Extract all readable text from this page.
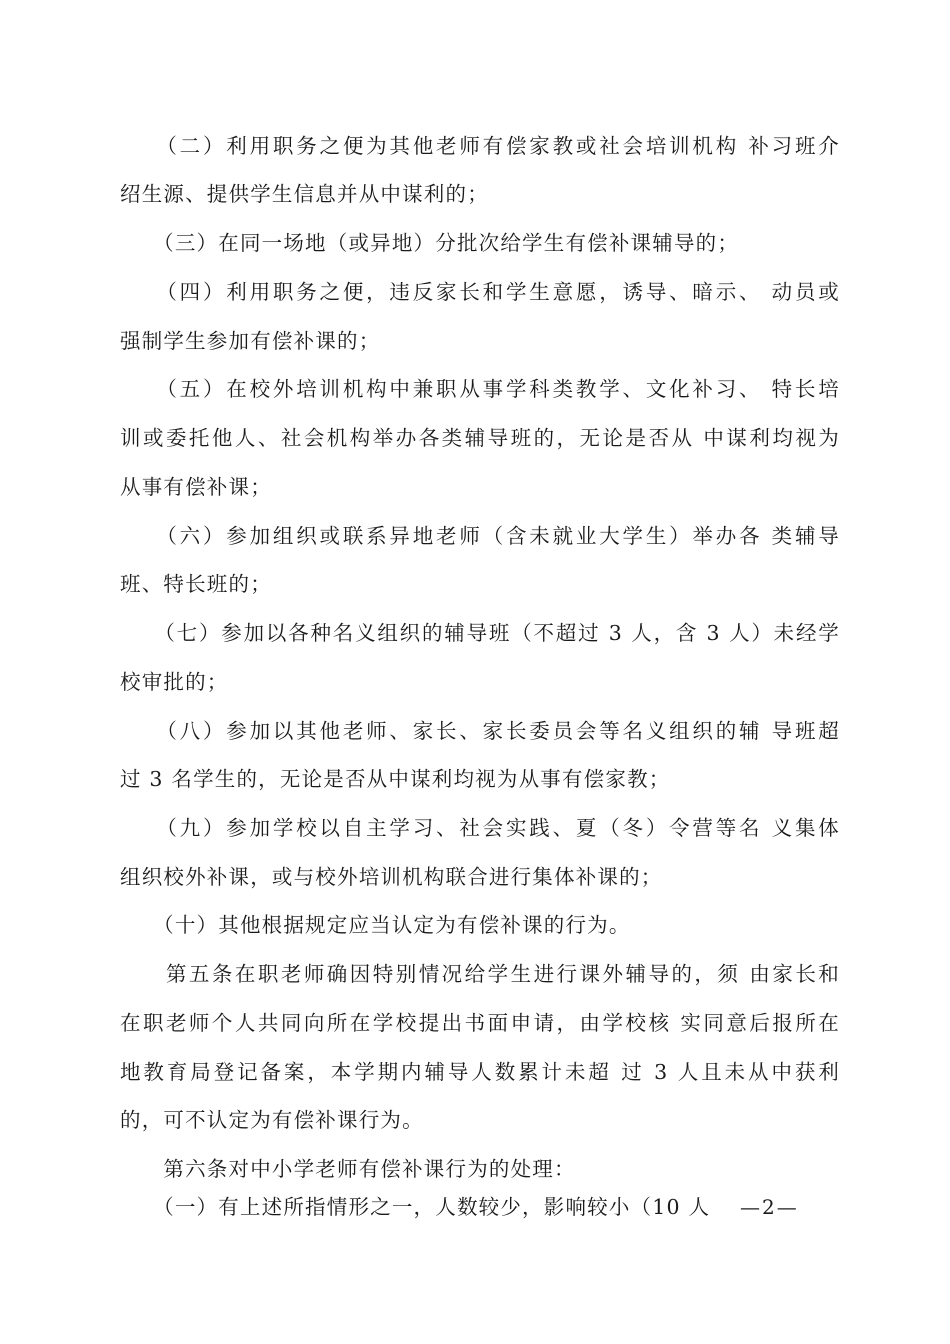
　　（二）利用职务之便为其他老师有偿家教或社会培训机构 补习班介
绍生源、提供学生信息并从中谋利的；
　　（三）在同一场地（或异地）分批次给学生有偿补课辅导的；
　　（四）利用职务之便，违反家长和学生意愿，诱导、暗示、 动员或
强制学生参加有偿补课的；
　　（五）在校外培训机构中兼职从事学科类教学、文化补习、 特长培
训或委托他人、社会机构举办各类辅导班的，无论是否从 中谋利均视为
从事有偿补课；
　　（六）参加组织或联系异地老师（含未就业大学生）举办各 类辅导
班、特长班的；
　　（七）参加以各种名义组织的辅导班（不超过 3 人，含 3 人）未经学
校审批的；
　　（八）参加以其他老师、家长、家长委员会等名义组织的辅 导班超
过 3 名学生的，无论是否从中谋利均视为从事有偿家教；
　　（九）参加学校以自主学习、社会实践、夏（冬）令营等名 义集体
组织校外补课，或与校外培训机构联合进行集体补课的；
　　（十）其他根据规定应当认定为有偿补课的行为。
　　第五条在职老师确因特别情况给学生进行课外辅导的，须 由家长和
在职老师个人共同向所在学校提出书面申请，由学校核 实同意后报所在
地教育局登记备案，本学期内辅导人数累计未超 过 3 人且未从中获利
的，可不认定为有偿补课行为。
　　第六条对中小学老师有偿补课行为的处理：
　　（一）有上述所指情形之一，人数较少，影响较小（10 人	—2—
